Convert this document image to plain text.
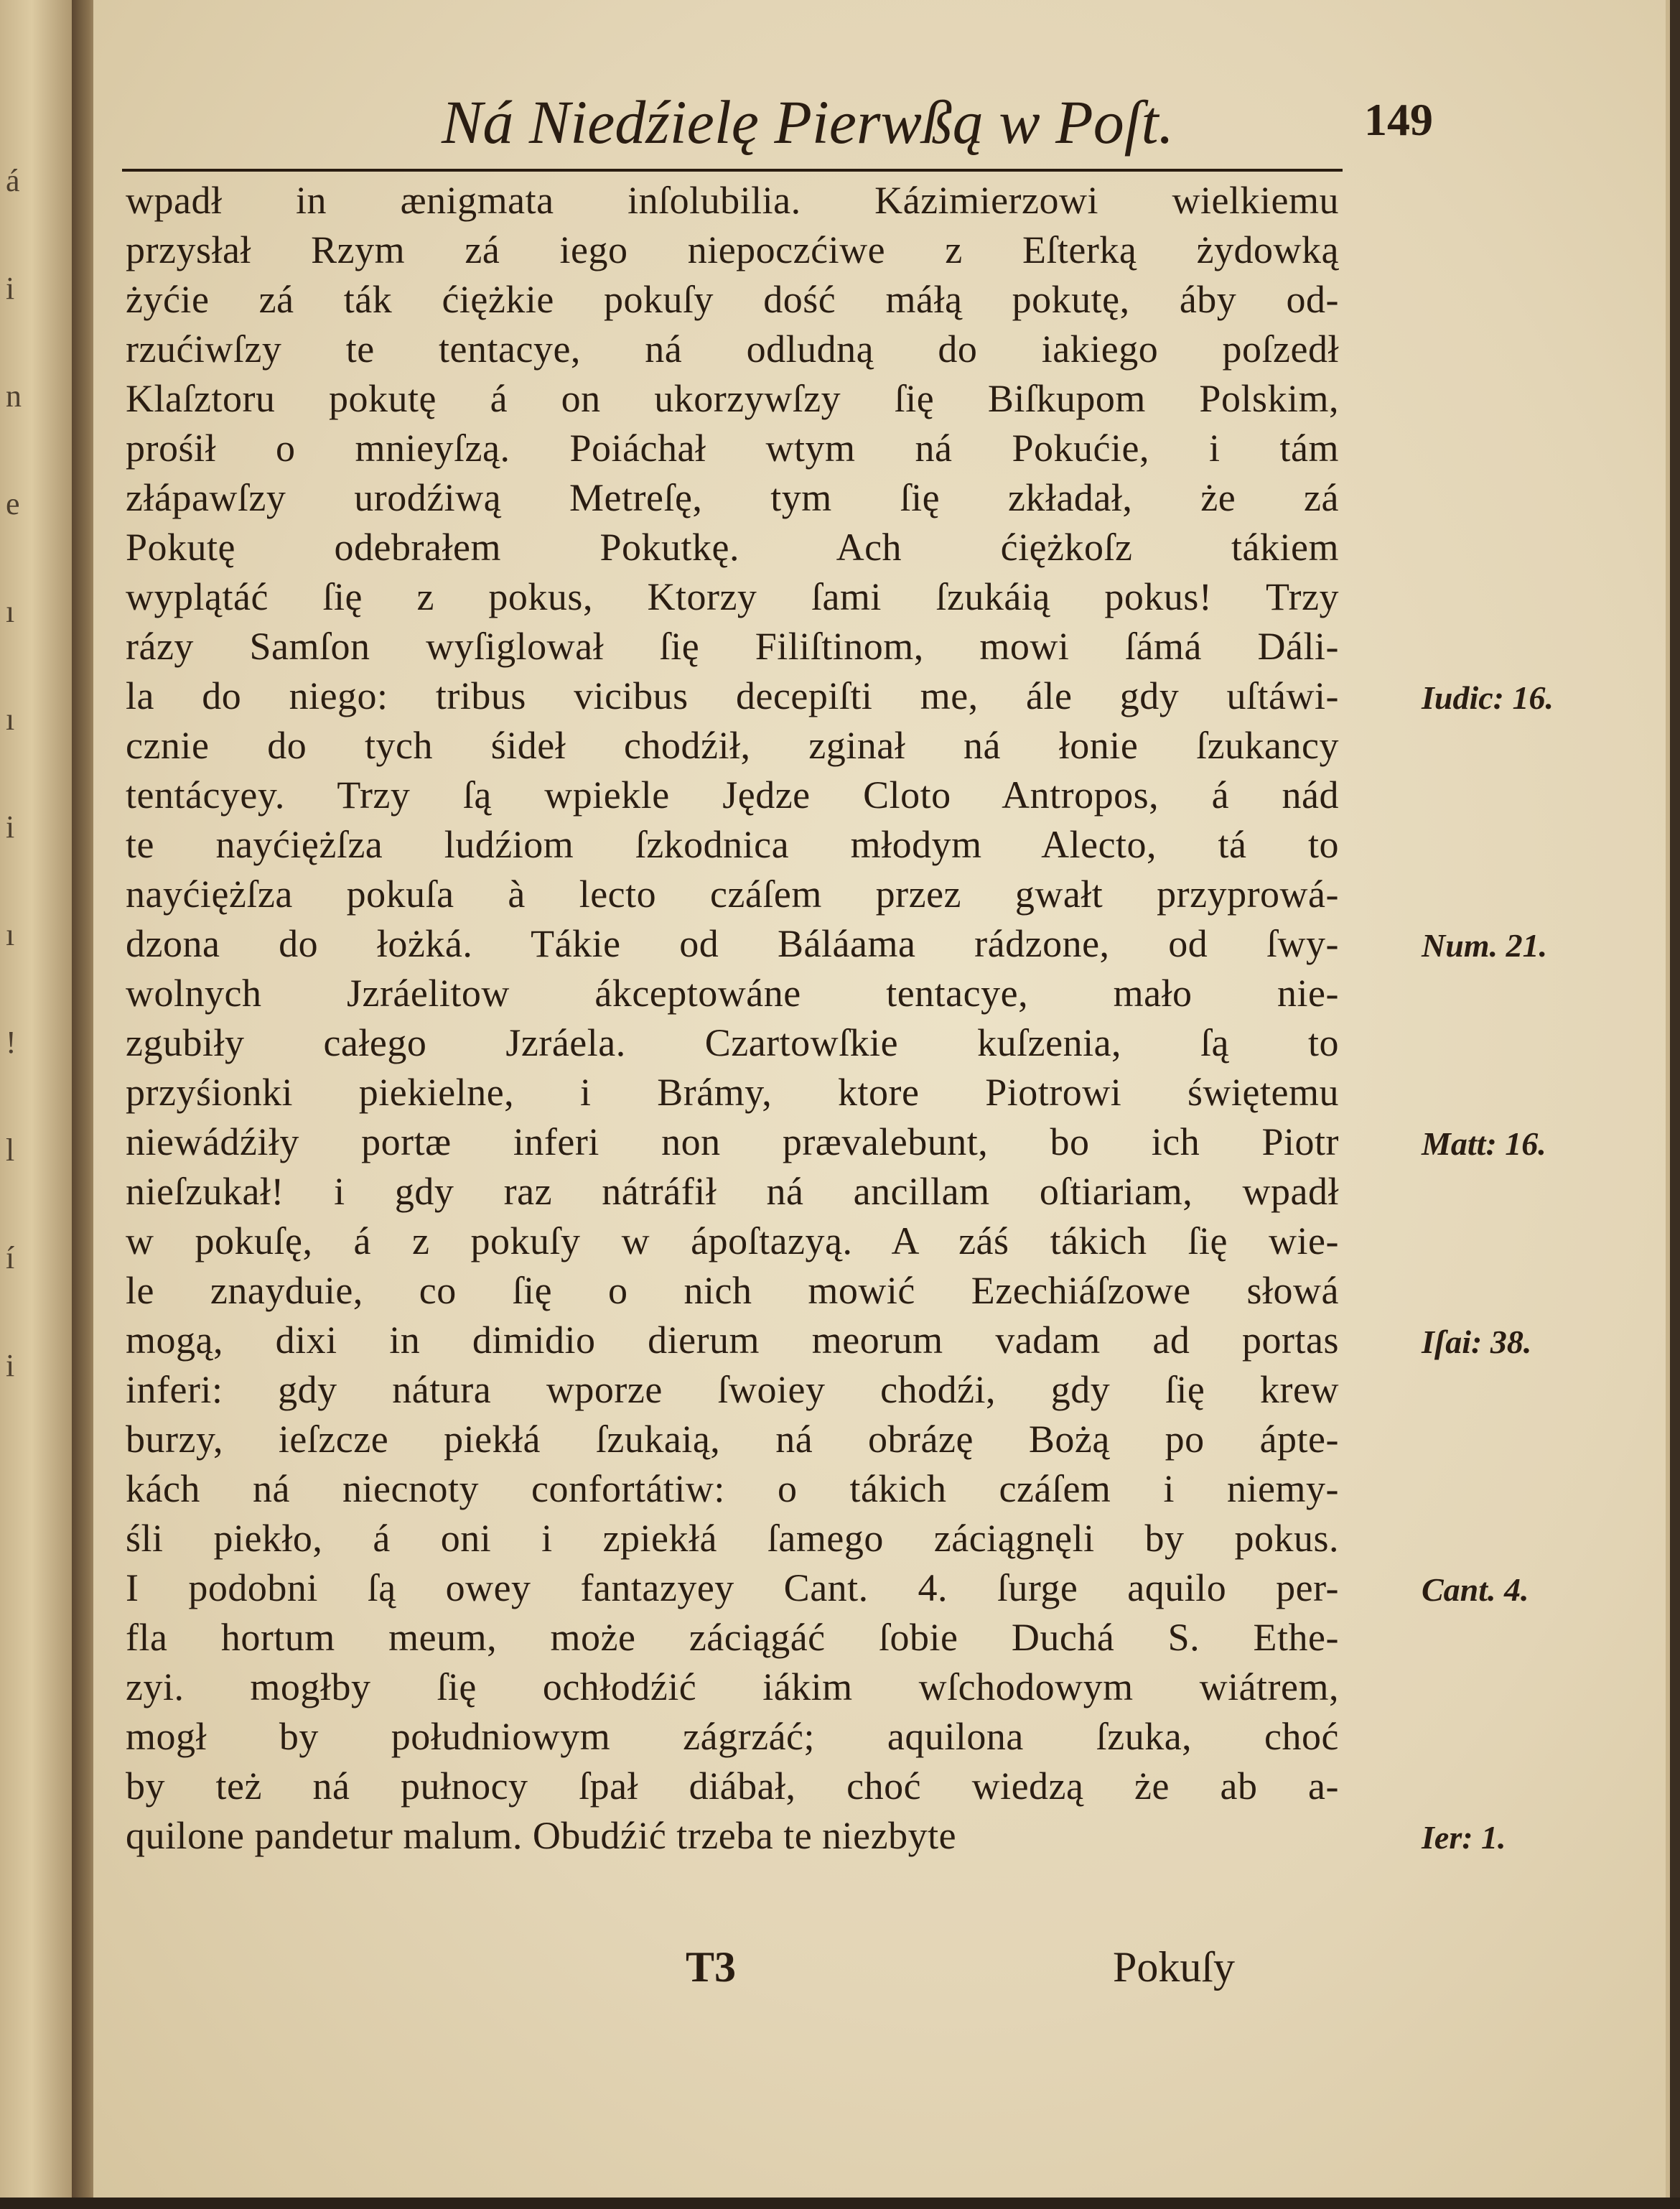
á
i
n
e
ı
ı
i
ı
!
l
í
i
Ná Niedźielę Pierwßą w Poſt.	149
wpadł in ænigmata inſolubilia. Kázimierzowi wielkiemu
przysłał Rzym zá iego niepoczćiwe z Eſterką żydowką
żyćie zá ták ćiężkie pokuſy dość máłą pokutę, áby od-
rzućiwſzy te tentacye, ná odludną do iakiego poſzedł
Klaſztoru pokutę á on ukorzywſzy ſię Biſkupom Polskim,
prośił o mnieyſzą. Poiáchał wtym ná Pokućie, i tám
złápawſzy urodźiwą Metreſę, tym ſię zkładał, że zá
Pokutę odebrałem Pokutkę. Ach ćiężkoſz tákiem
wyplątáć ſię z pokus, Ktorzy ſami ſzukáią pokus! Trzy
rázy Samſon wyſiglował ſię Filiſtinom, mowi ſámá Dáli-
la do niego: tribus vicibus decepiſti me, ále gdy uſtáwi-
cznie do tych śideł chodźił, zginał ná łonie ſzukancy
tentácyey. Trzy ſą wpiekle Jędze Cloto Antropos, á nád
te nayćiężſza ludźiom ſzkodnica młodym Alecto, tá to
nayćiężſza pokuſa à lecto czáſem przez gwałt przyprowá-
dzona do łożká. Tákie od Báláama rádzone, od ſwy-
wolnych Jzráelitow ákceptowáne tentacye, mało nie-
zgubiły całego Jzráela. Czartowſkie kuſzenia, ſą to
przyśionki piekielne, i Brámy, ktore Piotrowi świętemu
niewádźiły portæ inferi non prævalebunt, bo ich Piotr
nieſzukał! i gdy raz nátráfił ná ancillam oſtiariam, wpadł
w pokuſę, á z pokuſy w ápoſtazyą. A záś tákich ſię wie-
le znayduie, co ſię o nich mowić Ezechiáſzowe słowá
mogą, dixi in dimidio dierum meorum vadam ad portas
inferi: gdy nátura wporze ſwoiey chodźi, gdy ſię krew
burzy, ieſzcze piekłá ſzukaią, ná obrázę Bożą po ápte-
kách ná niecnoty confortátiw: o tákich czáſem i niemy-
śli piekło, á oni i zpiekłá ſamego záciągnęli by pokus.
I podobni ſą owey fantazyey Cant. 4. ſurge aquilo per-
fla hortum meum, może záciągáć ſobie Duchá S. Ethe-
zyi. mogłby ſię ochłodźić iákim wſchodowym wiátrem,
mogł by południowym zágrzáć; aquilona ſzuka, choć
by też ná pułnocy ſpał diábał, choć wiedzą że ab a-
quilone pandetur malum. Obudźić trzeba te niezbyte
Iudic: 16.
Num. 21.
Matt: 16.
Iſai: 38.
Cant. 4.
Ier: 1.
T3	Pokuſy
